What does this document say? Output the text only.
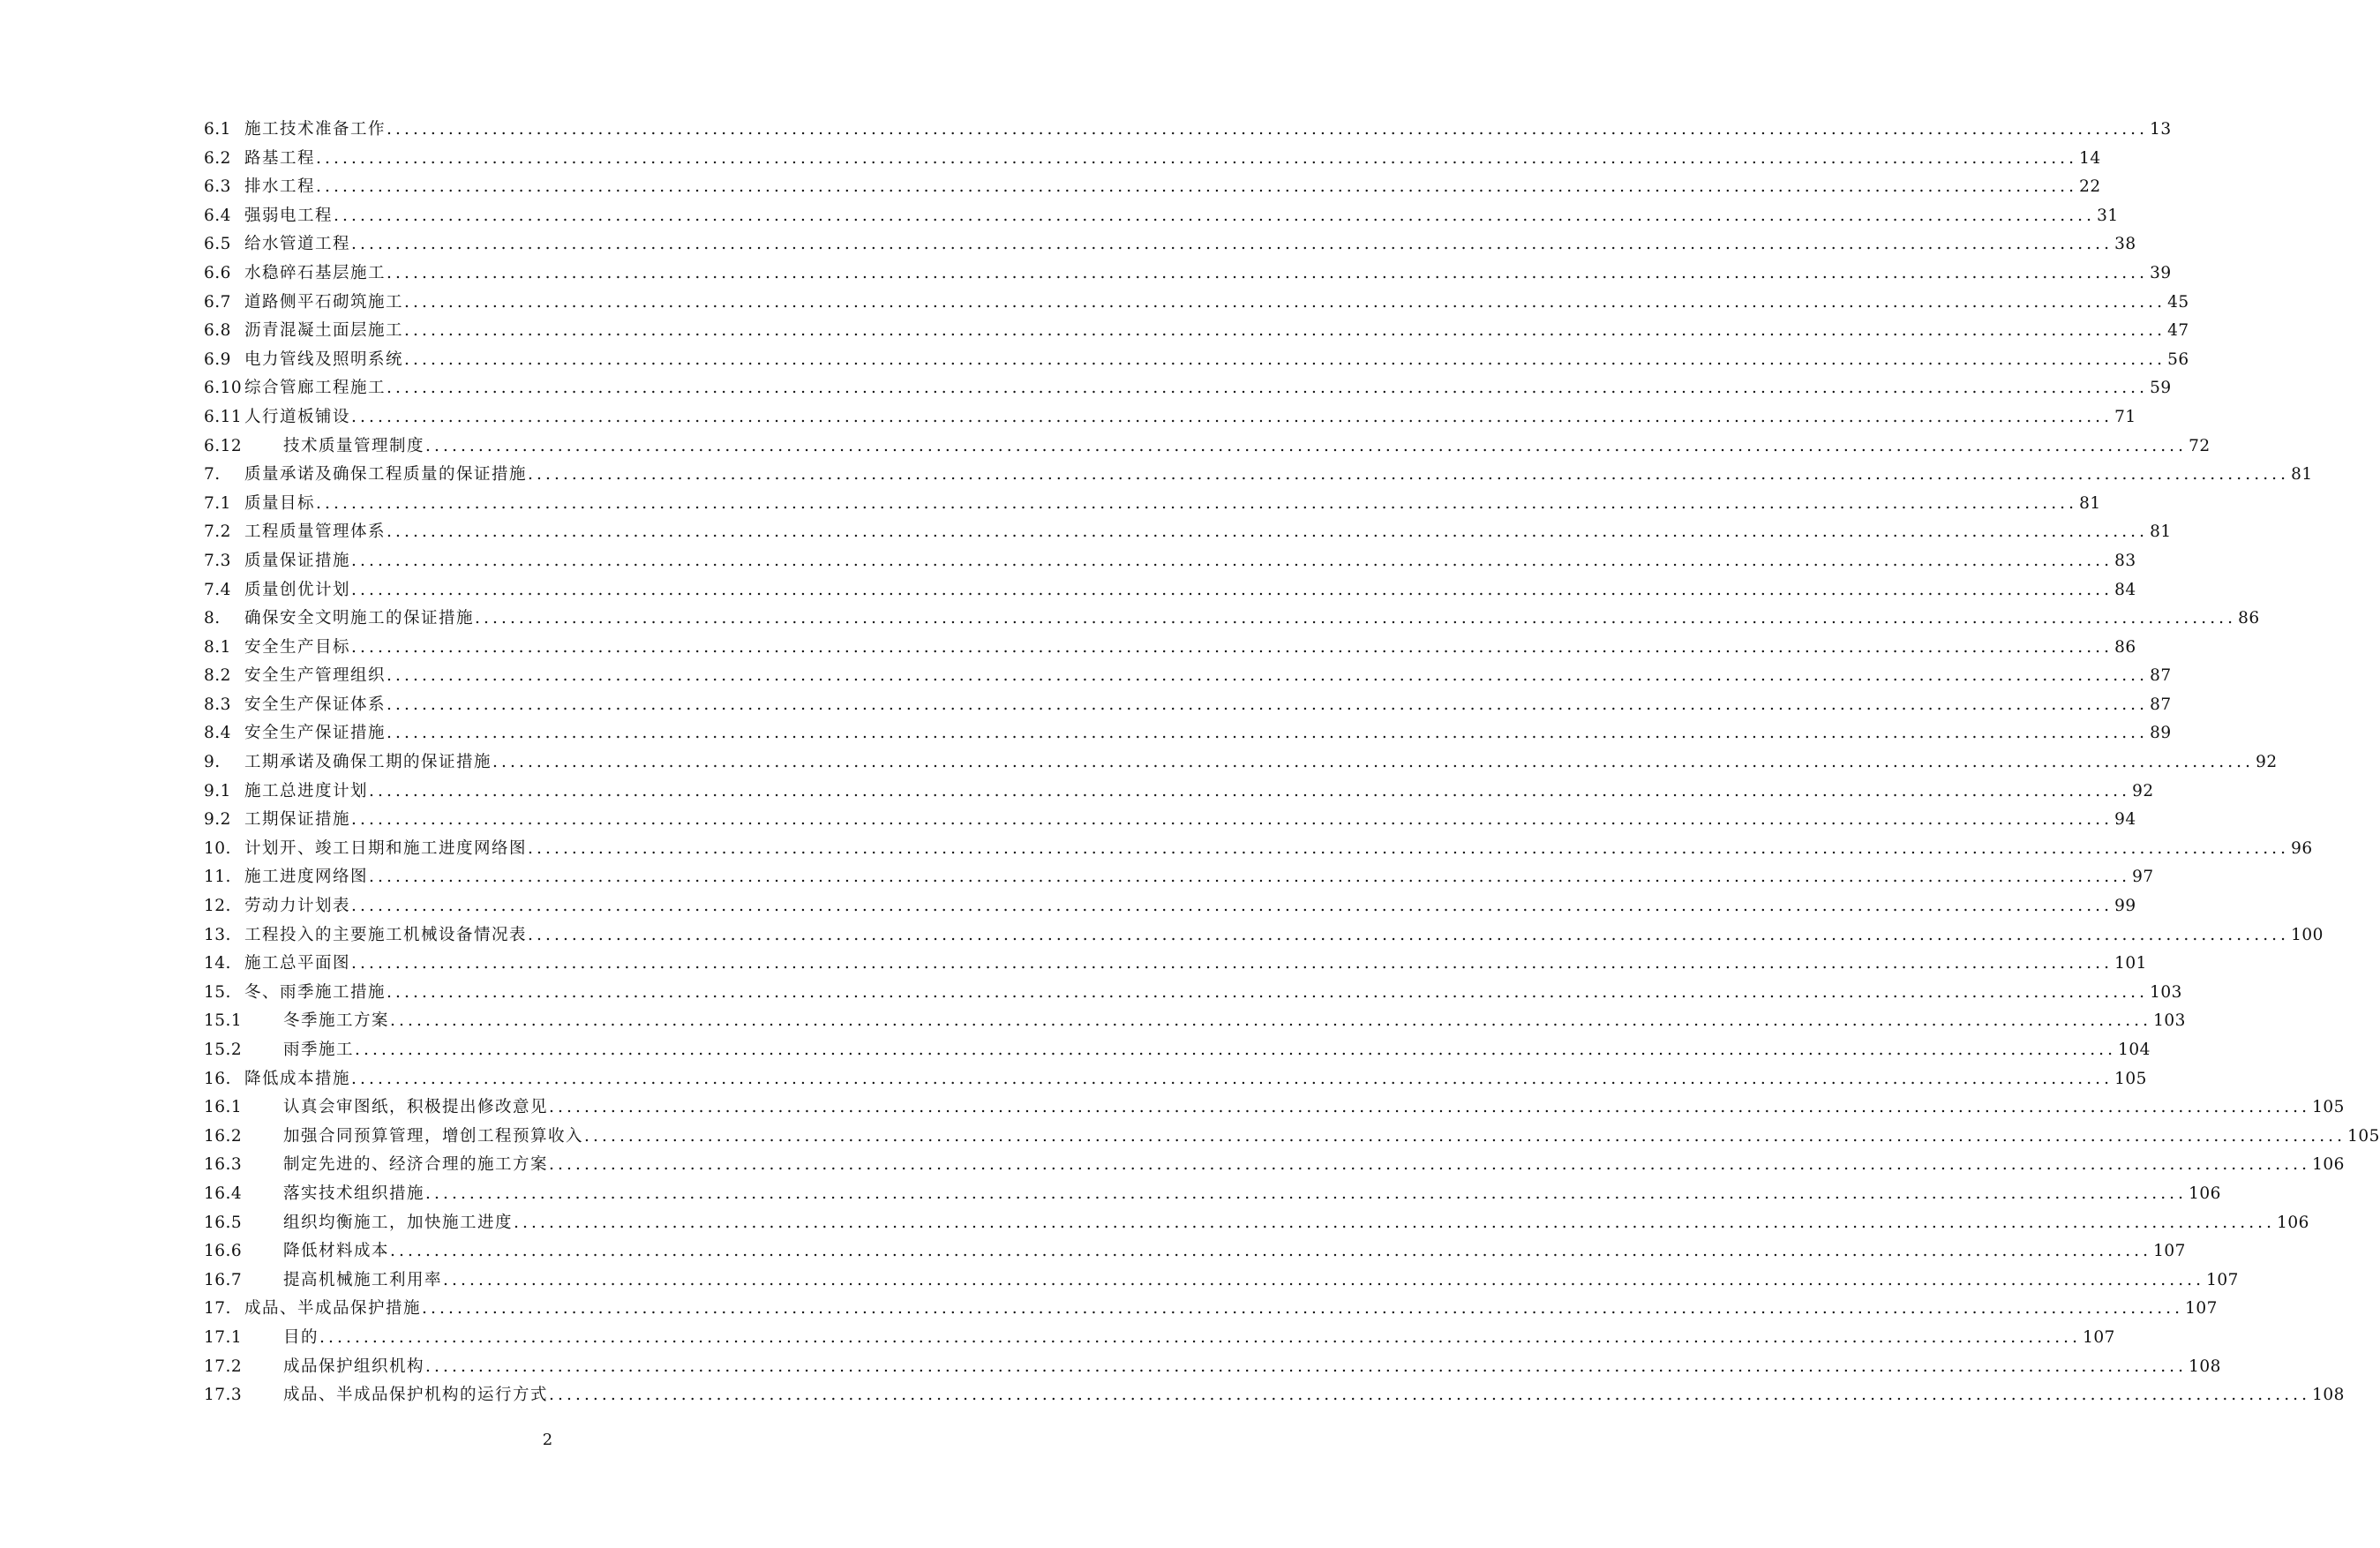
6.1 施工技术准备工作 ........................................................................................................................................................................................................ 13
6.2 路基工程 ........................................................................................................................................................................................................ 14
6.3 排水工程 ........................................................................................................................................................................................................ 22
6.4 强弱电工程 ........................................................................................................................................................................................................ 31
6.5 给水管道工程 ........................................................................................................................................................................................................ 38
6.6 水稳碎石基层施工 ........................................................................................................................................................................................................ 39
6.7 道路侧平石砌筑施工 ........................................................................................................................................................................................................ 45
6.8 沥青混凝土面层施工 ........................................................................................................................................................................................................ 47
6.9 电力管线及照明系统 ........................................................................................................................................................................................................ 56
6.10 综合管廊工程施工 ........................................................................................................................................................................................................ 59
6.11 人行道板铺设 ........................................................................................................................................................................................................ 71
6.12	技术质量管理制度 ........................................................................................................................................................................................................ 72
7.	质量承诺及确保工程质量的保证措施 ........................................................................................................................................................................................................ 81
7.1 质量目标 ........................................................................................................................................................................................................ 81
7.2 工程质量管理体系 ........................................................................................................................................................................................................ 81
7.3 质量保证措施 ........................................................................................................................................................................................................ 83
7.4 质量创优计划 ........................................................................................................................................................................................................ 84
8.	确保安全文明施工的保证措施 ........................................................................................................................................................................................................ 86
8.1 安全生产目标 ........................................................................................................................................................................................................ 86
8.2 安全生产管理组织 ........................................................................................................................................................................................................ 87
8.3 安全生产保证体系 ........................................................................................................................................................................................................ 87
8.4 安全生产保证措施 ........................................................................................................................................................................................................ 89
9.	工期承诺及确保工期的保证措施 ........................................................................................................................................................................................................ 92
9.1 施工总进度计划 ........................................................................................................................................................................................................ 92
9.2 工期保证措施 ........................................................................................................................................................................................................ 94
10. 计划开、竣工日期和施工进度网络图 ........................................................................................................................................................................................................ 96
11. 施工进度网络图 ........................................................................................................................................................................................................ 97
12. 劳动力计划表 ........................................................................................................................................................................................................ 99
13. 工程投入的主要施工机械设备情况表 ........................................................................................................................................................................................................ 100
14. 施工总平面图 ........................................................................................................................................................................................................ 101
15. 冬、雨季施工措施 ........................................................................................................................................................................................................ 103
15.1	冬季施工方案 ........................................................................................................................................................................................................ 103
15.2	雨季施工 ........................................................................................................................................................................................................ 104
16. 降低成本措施 ........................................................................................................................................................................................................ 105
16.1	认真会审图纸，积极提出修改意见 ........................................................................................................................................................................................................ 105
16.2	加强合同预算管理，增创工程预算收入 ........................................................................................................................................................................................................ 105
16.3	制定先进的、经济合理的施工方案 ........................................................................................................................................................................................................ 106
16.4	落实技术组织措施 ........................................................................................................................................................................................................ 106
16.5	组织均衡施工，加快施工进度 ........................................................................................................................................................................................................ 106
16.6	降低材料成本 ........................................................................................................................................................................................................ 107
16.7	提高机械施工利用率 ........................................................................................................................................................................................................ 107
17. 成品、半成品保护措施 ........................................................................................................................................................................................................ 107
17.1	目的 ........................................................................................................................................................................................................ 107
17.2	成品保护组织机构 ........................................................................................................................................................................................................ 108
17.3	成品、半成品保护机构的运行方式 ........................................................................................................................................................................................................ 108
2
